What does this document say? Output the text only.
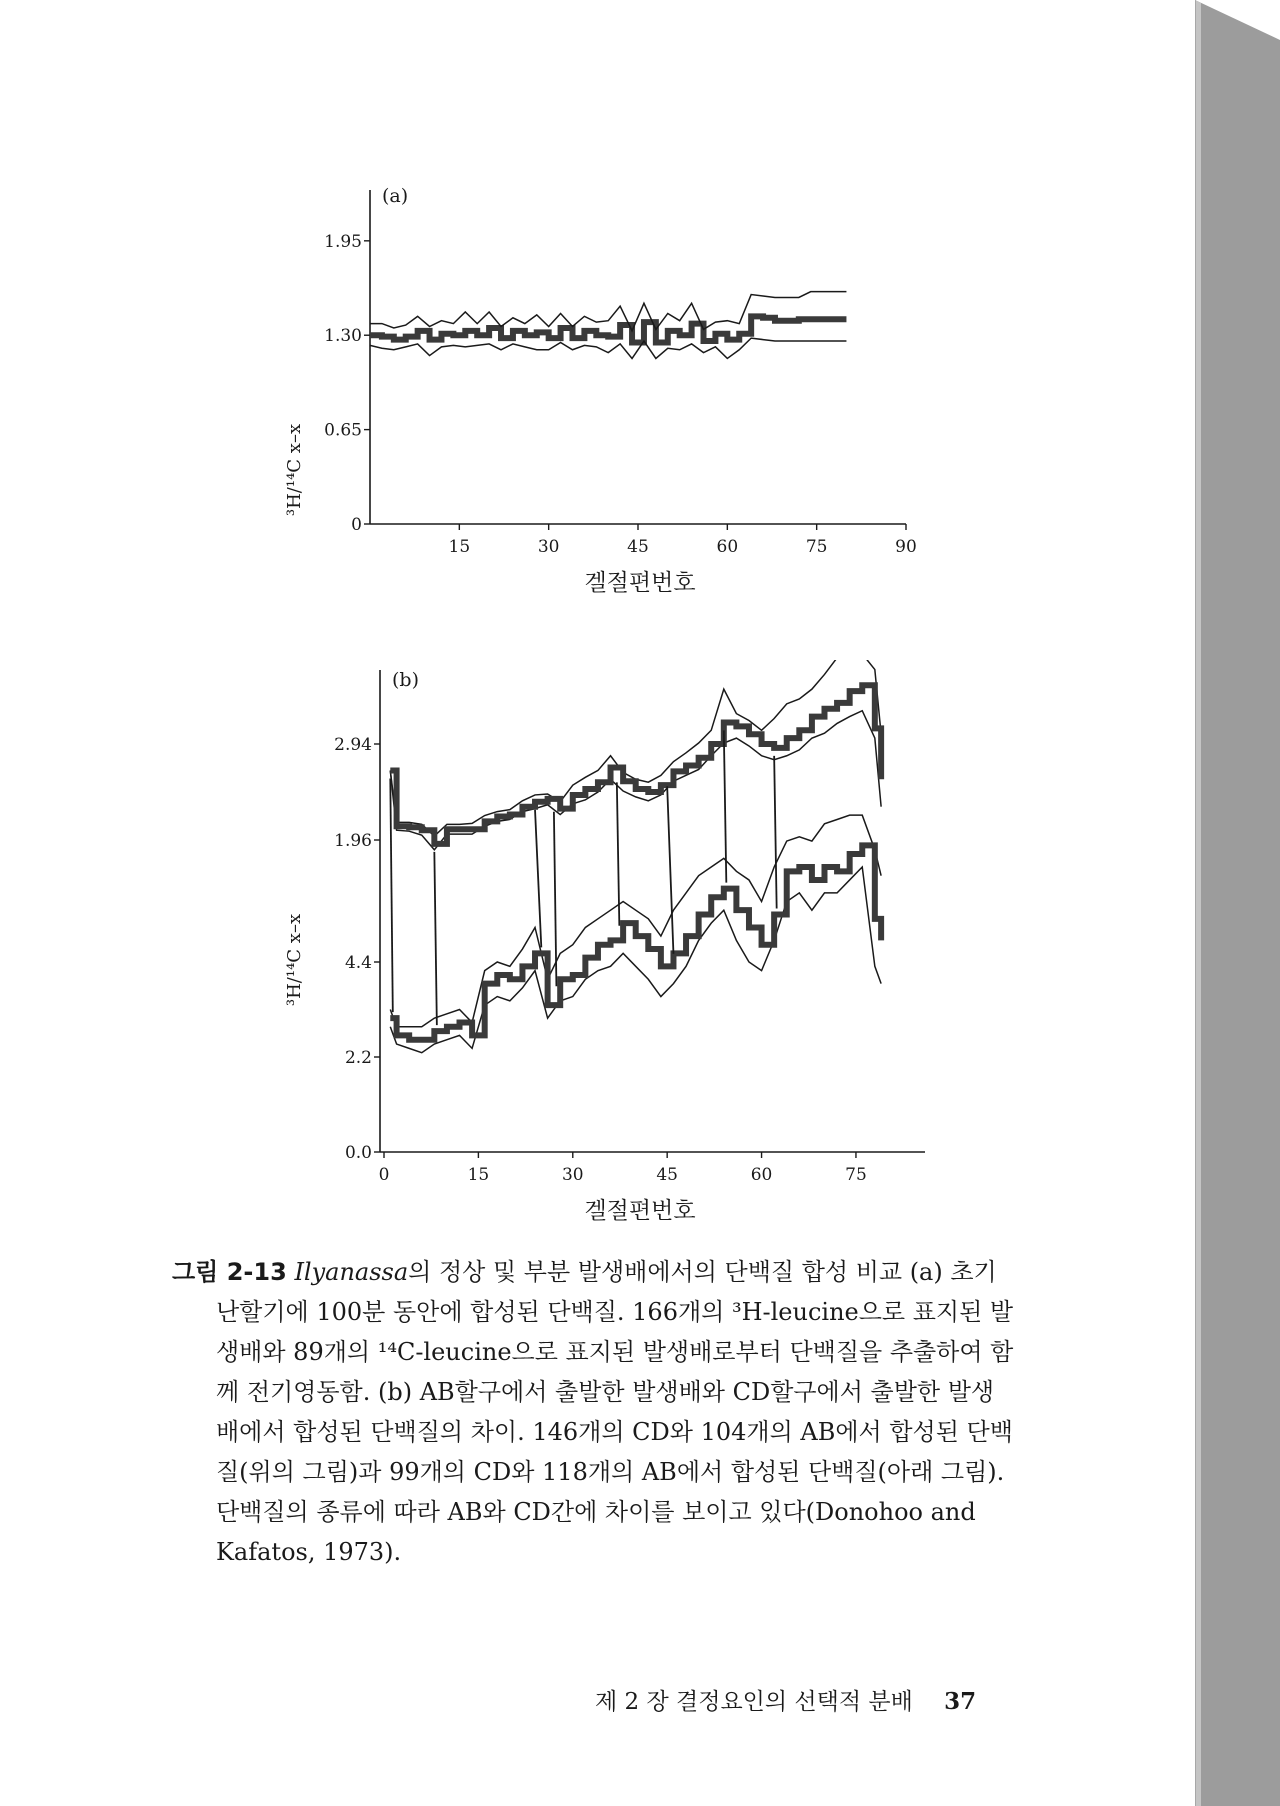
0
0.65
1.30
1.95
15	30	45	60	75	90
(a)
³H/¹⁴C x–x
겔절편번호
1.96
2.94
0.0
2.2
4.4
0	15	30	45	60	75
(b)
³H/¹⁴C x–x
겔절편번호

그림 2-13 Ilyanassa의 정상 및 부분 발생배에서의 단백질 합성 비교 (a) 초기

난할기에 100분 동안에 합성된 단백질. 166개의 ³H-leucine으로 표지된 발

생배와 89개의 ¹⁴C-leucine으로 표지된 발생배로부터 단백질을 추출하여 함

께 전기영동함. (b) AB할구에서 출발한 발생배와 CD할구에서 출발한 발생

배에서 합성된 단백질의 차이. 146개의 CD와 104개의 AB에서 합성된 단백

질(위의 그림)과 99개의 CD와 118개의 AB에서 합성된 단백질(아래 그림).

단백질의 종류에 따라 AB와 CD간에 차이를 보이고 있다(Donohoo and

Kafatos, 1973).

제 2 장 결정요인의 선택적 분배 37
